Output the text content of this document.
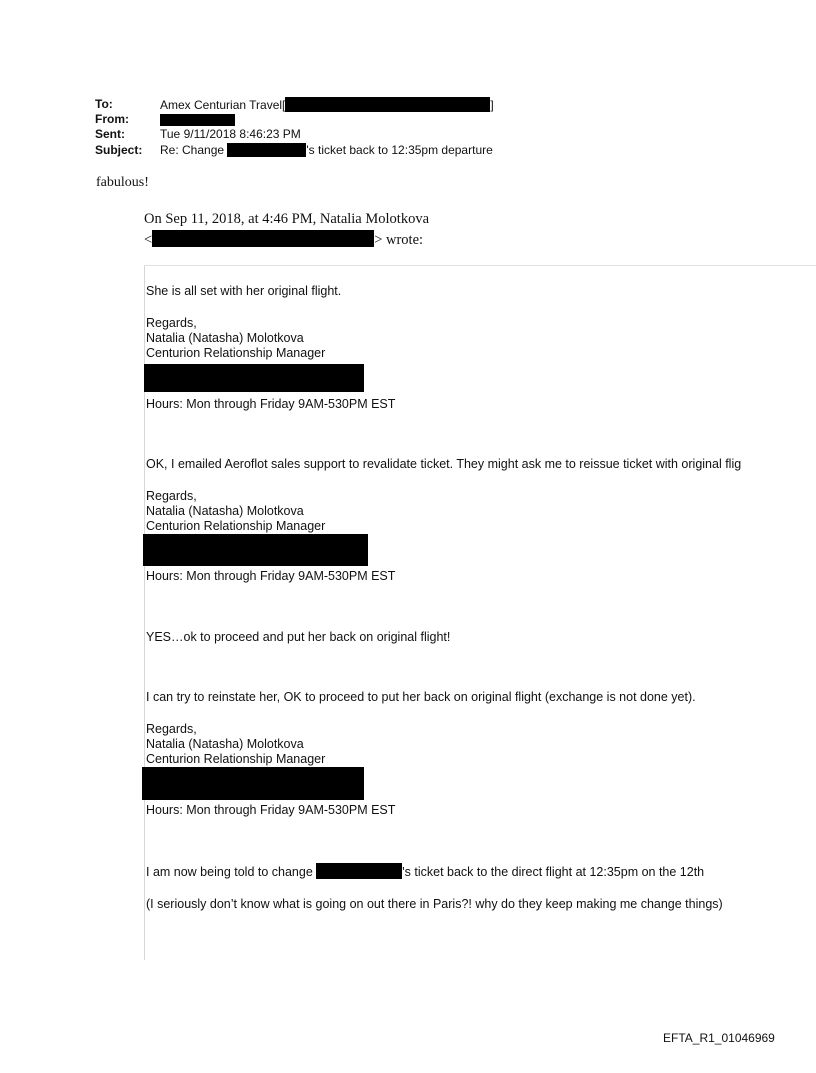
To:	Amex Centurian Travel[	]
From:
Sent:	Tue 9/11/2018 8:46:23 PM
Subject: Re: Change	's ticket back to 12:35pm departure
fabulous!
On Sep 11, 2018, at 4:46 PM, Natalia Molotkova
<	> wrote:
She is all set with her original flight.
Regards,
Natalia (Natasha) Molotkova
Centurion Relationship Manager
Hours: Mon through Friday 9AM-530PM EST
OK, I emailed Aeroflot sales support to revalidate ticket. They might ask me to reissue ticket with original flig
Regards,
Natalia (Natasha) Molotkova
Centurion Relationship Manager
Hours: Mon through Friday 9AM-530PM EST
YES…ok to proceed and put her back on original flight!
I can try to reinstate her, OK to proceed to put her back on original flight (exchange is not done yet).
Regards,
Natalia (Natasha) Molotkova
Centurion Relationship Manager
Hours: Mon through Friday 9AM-530PM EST
I am now being told to change	's ticket back to the direct flight at 12:35pm on the 12th
(I seriously don’t know what is going on out there in Paris?! why do they keep making me change things)
EFTA_R1_01046969
